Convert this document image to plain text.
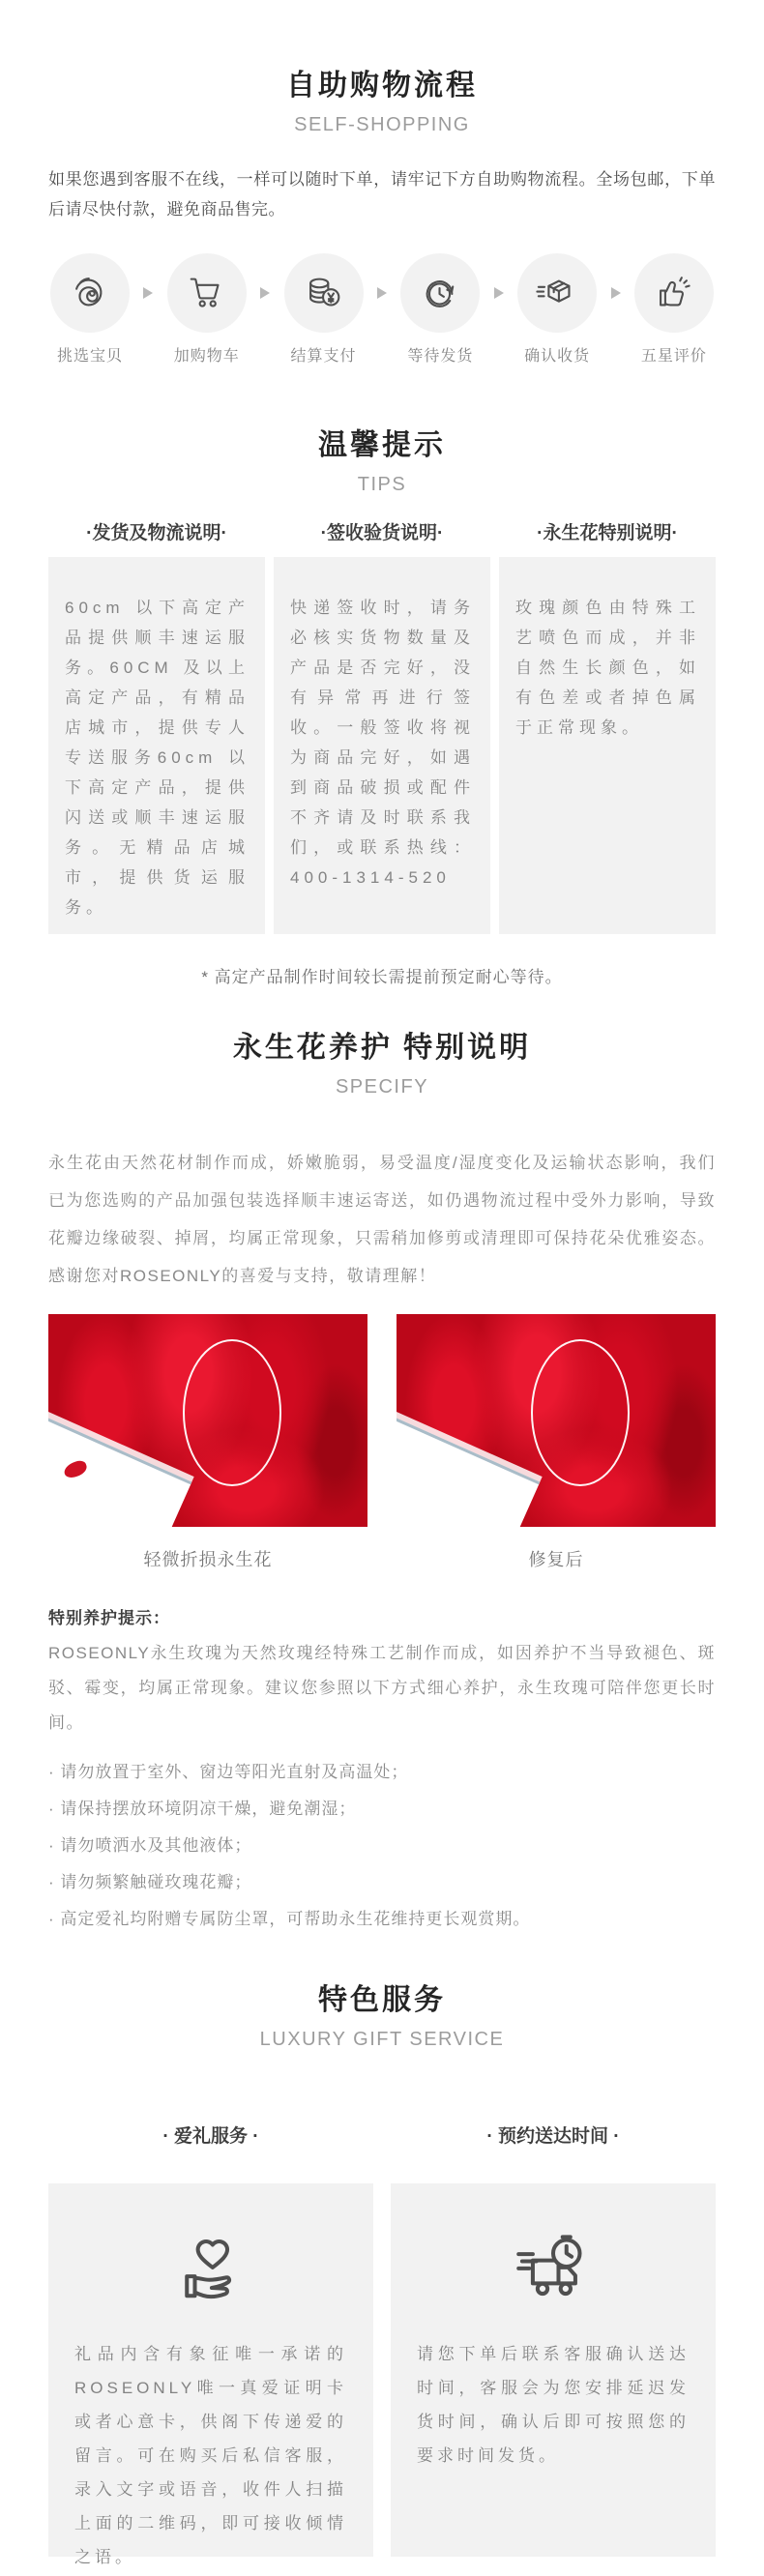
自助购物流程
SELF-SHOPPING

如果您遇到客服不在线，一样可以随时下单，请牢记下方自助购物流程。全场包邮，下单后请尽快付款，避免商品售完。

挑选宝贝	加购物车	结算支付	等待发货	确认收货	五星评价
温馨提示
TIPS
·发货及物流说明·
60cm 以下高定产品提供顺丰速运服务。60CM 及以上高定产品，有精品店城市，提供专人专送服务60cm 以下高定产品，提供闪送或顺丰速运服务。无精品店城市，提供货运服务。
·签收验货说明·
快递签收时，请务必核实货物数量及产品是否完好，没有异常再进行签收。一般签收将视为商品完好，如遇到商品破损或配件不齐请及时联系我们，或联系热线：400-1314-520
·永生花特别说明·
玫瑰颜色由特殊工艺喷色而成，并非自然生长颜色，如有色差或者掉色属于正常现象。
* 高定产品制作时间较长需提前预定耐心等待。
永生花养护 特别说明
SPECIFY

永生花由天然花材制作而成，娇嫩脆弱，易受温度/湿度变化及运输状态影响，我们已为您选购的产品加强包装选择顺丰速运寄送，如仍遇物流过程中受外力影响，导致花瓣边缘破裂、掉屑，均属正常现象，只需稍加修剪或清理即可保持花朵优雅姿态。感谢您对ROSEONLY的喜爱与支持，敬请理解！

轻微折损永生花	修复后
特别养护提示：

ROSEONLY永生玫瑰为天然玫瑰经特殊工艺制作而成，如因养护不当导致褪色、斑驳、霉变，均属正常现象。建议您参照以下方式细心养护，永生玫瑰可陪伴您更长时间。

· 请勿放置于室外、窗边等阳光直射及高温处；
· 请保持摆放环境阴凉干燥，避免潮湿；
· 请勿喷洒水及其他液体；
· 请勿频繁触碰玫瑰花瓣；
· 高定爱礼均附赠专属防尘罩，可帮助永生花维持更长观赏期。
特色服务
LUXURY GIFT SERVICE
· 爱礼服务 ·

礼品内含有象征唯一承诺的ROSEONLY唯一真爱证明卡或者心意卡，供阁下传递爱的留言。可在购买后私信客服，录入文字或语音，收件人扫描上面的二维码，即可接收倾情之语。

· 预约送达时间 ·

请您下单后联系客服确认送达时间，客服会为您安排延迟发货时间，确认后即可按照您的要求时间发货。
